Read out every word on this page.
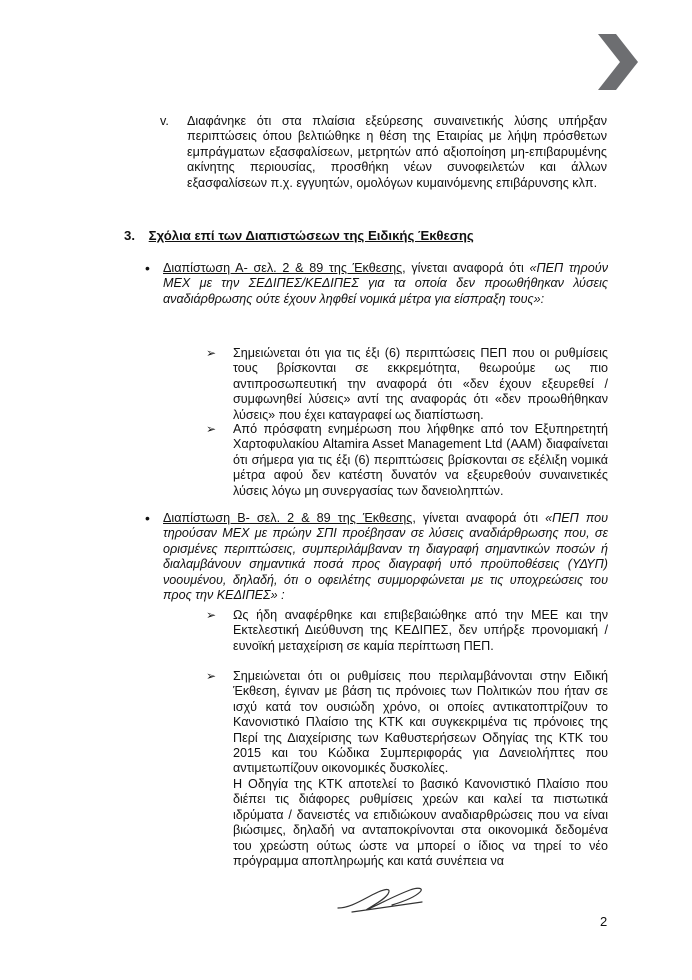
v. Διαφάνηκε ότι στα πλαίσια εξεύρεσης συναινετικής λύσης υπήρξαν περιπτώσεις όπου βελτιώθηκε η θέση της Εταιρίας με λήψη πρόσθετων εμπράγματων εξασφαλίσεων, μετρητών από αξιοποίηση μη-επιβαρυμένης ακίνητης περιουσίας, προσθήκη νέων συνοφειλετών και άλλων εξασφαλίσεων π.χ. εγγυητών, ομολόγων κυμαινόμενης επιβάρυνσης κλπ.

3. Σχόλια επί των Διαπιστώσεων της Ειδικής Έκθεσης
• Διαπίστωση Α- σελ. 2 & 89 της Έκθεσης, γίνεται αναφορά ότι «ΠΕΠ τηρούν ΜΕΧ με την ΣΕΔΙΠΕΣ/ΚΕΔΙΠΕΣ για τα οποία δεν προωθήθηκαν λύσεις αναδιάρθρωσης ούτε έχουν ληφθεί νομικά μέτρα για είσπραξη τους»:

➢ Σημειώνεται ότι για τις έξι (6) περιπτώσεις ΠΕΠ που οι ρυθμίσεις τους βρίσκονται σε εκκρεμότητα, θεωρούμε ως πιο αντιπροσωπευτική την αναφορά ότι «δεν έχουν εξευρεθεί / συμφωνηθεί λύσεις» αντί της αναφοράς ότι «δεν προωθήθηκαν λύσεις» που έχει καταγραφεί ως διαπίστωση.

➢ Από πρόσφατη ενημέρωση που λήφθηκε από τον Εξυπηρετητή Χαρτοφυλακίου Altamira Asset Management Ltd (AAM) διαφαίνεται ότι σήμερα για τις έξι (6) περιπτώσεις βρίσκονται σε εξέλιξη νομικά μέτρα αφού δεν κατέστη δυνατόν να εξευρεθούν συναινετικές λύσεις λόγω μη συνεργασίας των δανειοληπτών.

• Διαπίστωση Β- σελ. 2 & 89 της Έκθεσης, γίνεται αναφορά ότι «ΠΕΠ που τηρούσαν ΜΕΧ με πρώην ΣΠΙ προέβησαν σε λύσεις αναδιάρθρωσης που, σε ορισμένες περιπτώσεις, συμπεριλάμβαναν τη διαγραφή σημαντικών ποσών ή διαλαμβάνουν σημαντικά ποσά προς διαγραφή υπό προϋποθέσεις (ΥΔΥΠ) νοουμένου, δηλαδή, ότι ο οφειλέτης συμμορφώνεται με τις υποχρεώσεις του προς την ΚΕΔΙΠΕΣ» :

➢ Ως ήδη αναφέρθηκε και επιβεβαιώθηκε από την ΜΕΕ και την Εκτελεστική Διεύθυνση της ΚΕΔΙΠΕΣ, δεν υπήρξε προνομιακή / ευνοϊκή μεταχείριση σε καμία περίπτωση ΠΕΠ.

➢ Σημειώνεται ότι οι ρυθμίσεις που περιλαμβάνονται στην Ειδική Έκθεση, έγιναν με βάση τις πρόνοιες των Πολιτικών που ήταν σε ισχύ κατά τον ουσιώδη χρόνο, οι οποίες αντικατοπτρίζουν το Κανονιστικό Πλαίσιο της ΚΤΚ και συγκεκριμένα τις πρόνοιες της Περί της Διαχείρισης των Καθυστερήσεων Οδηγίας της ΚΤΚ του 2015 και του Κώδικα Συμπεριφοράς για Δανειολήπτες που αντιμετωπίζουν οικονομικές δυσκολίες.

Η Οδηγία της ΚΤΚ αποτελεί το βασικό Κανονιστικό Πλαίσιο που διέπει τις διάφορες ρυθμίσεις χρεών και καλεί τα πιστωτικά ιδρύματα / δανειστές να επιδιώκουν αναδιαρθρώσεις που να είναι βιώσιμες, δηλαδή να ανταποκρίνονται στα οικονομικά δεδομένα του χρεώστη ούτως ώστε να μπορεί ο ίδιος να τηρεί το νέο πρόγραμμα αποπληρωμής και κατά συνέπεια να

2
